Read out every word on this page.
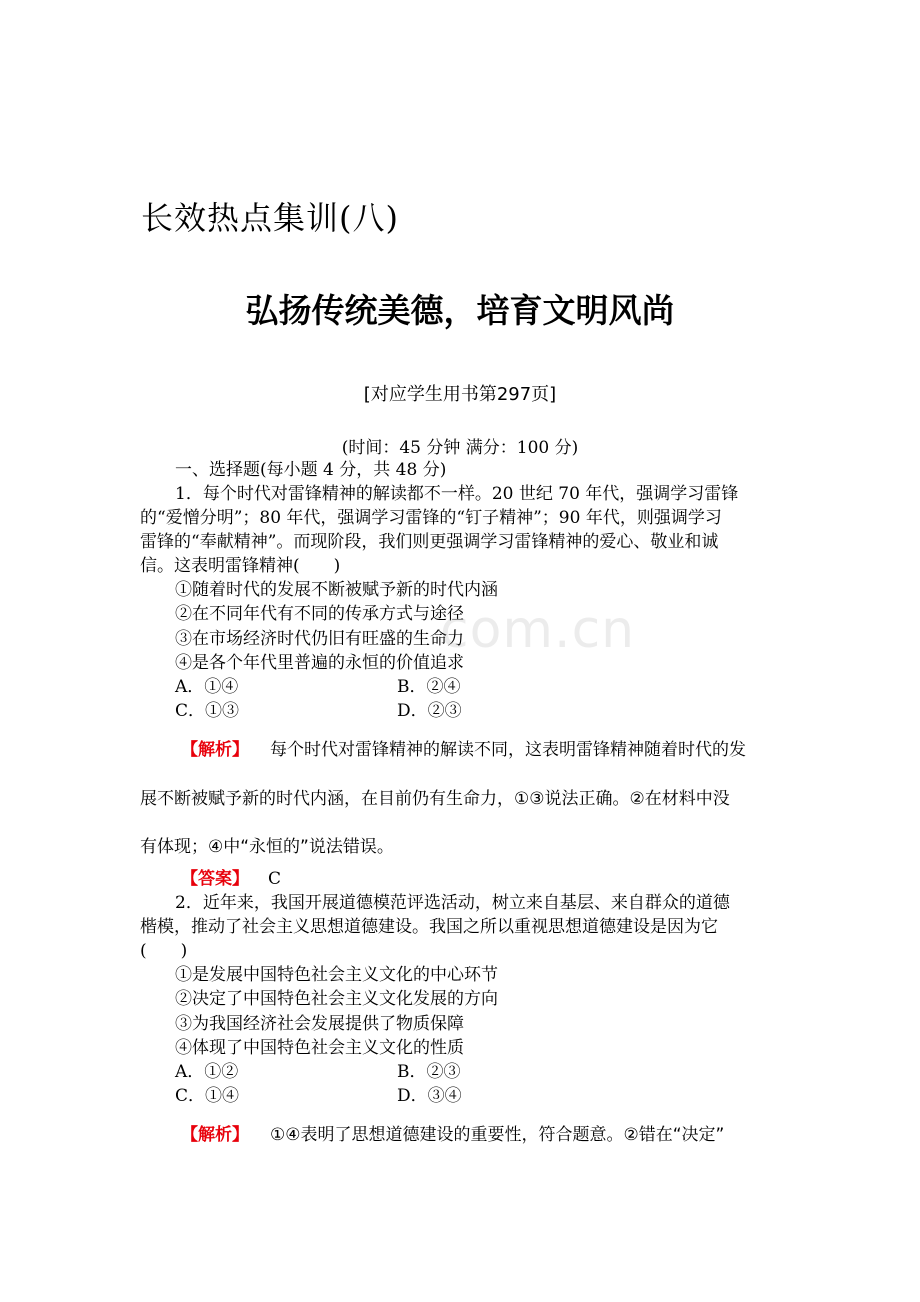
长效热点集训(八)
弘扬传统美德，培育文明风尚
[对应学生用书第297页]
(时间：45 分钟 满分：100 分)
一、选择题(每小题 4 分，共 48 分)
1．每个时代对雷锋精神的解读都不一样。20 世纪 70 年代，强调学习雷锋
的“爱憎分明”；80 年代，强调学习雷锋的“钉子精神”；90 年代，则强调学习
雷锋的“奉献精神”。而现阶段，我们则更强调学习雷锋精神的爱心、敬业和诚
信。这表明雷锋精神(　　)
①随着时代的发展不断被赋予新的时代内涵
②在不同年代有不同的传承方式与途径
③在市场经济时代仍旧有旺盛的生命力
④是各个年代里普遍的永恒的价值追求
A．①④	B．②④
C．①③	D．②③
【解析】 每个时代对雷锋精神的解读不同，这表明雷锋精神随着时代的发
展不断被赋予新的时代内涵，在目前仍有生命力，①③说法正确。②在材料中没
有体现；④中“永恒的”说法错误。
【答案】 C
2．近年来，我国开展道德模范评选活动，树立来自基层、来自群众的道德
楷模，推动了社会主义思想道德建设。我国之所以重视思想道德建设是因为它
(　　)
①是发展中国特色社会主义文化的中心环节
②决定了中国特色社会主义文化发展的方向
③为我国经济社会发展提供了物质保障
④体现了中国特色社会主义文化的性质
A．①②	B．②③
C．①④	D．③④
【解析】 ①④表明了思想道德建设的重要性，符合题意。②错在“决定”
com.cn
